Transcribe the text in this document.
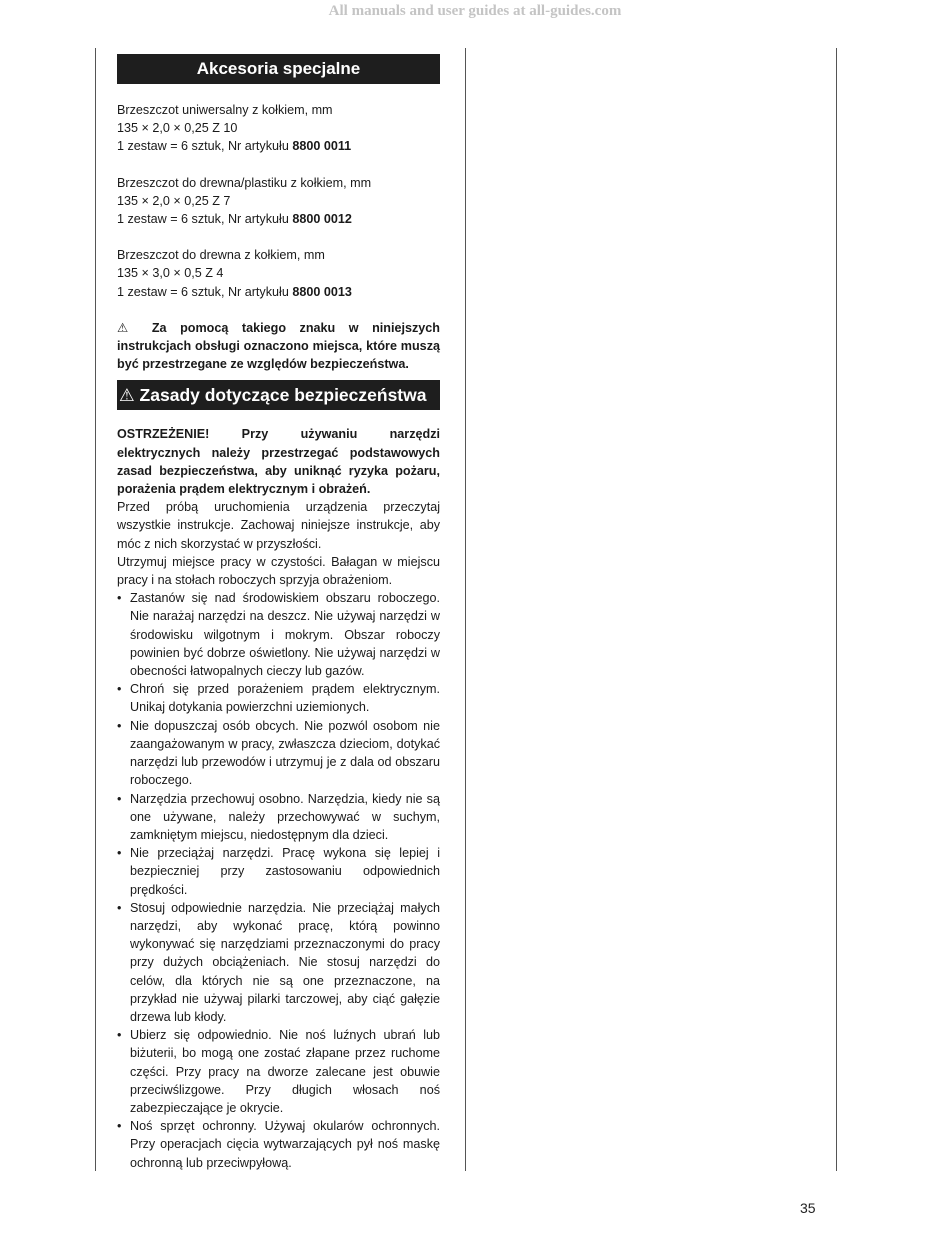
All manuals and user guides at all-guides.com
Akcesoria specjalne

Brzeszczot uniwersalny z kołkiem, mm

135 × 2,0 × 0,25 Z 10

1 zestaw = 6 sztuk, Nr artykułu 8800 0011

Brzeszczot do drewna/plastiku z kołkiem, mm

135 × 2,0 × 0,25 Z 7

1 zestaw = 6 sztuk, Nr artykułu 8800 0012

Brzeszczot do drewna z kołkiem, mm

135 × 3,0 × 0,5 Z 4

1 zestaw = 6 sztuk, Nr artykułu 8800 0013

⚠ Za pomocą takiego znaku w niniejszych instrukcjach obsługi oznaczono miejsca, które muszą być przestrzegane ze względów bezpieczeństwa.

⚠ Zasady dotyczące bezpieczeństwa

OSTRZEŻENIE! Przy używaniu narzędzi elektrycznych należy przestrzegać podstawowych zasad bezpieczeństwa, aby uniknąć ryzyka pożaru, porażenia prądem elektrycznym i obrażeń.

Przed próbą uruchomienia urządzenia przeczytaj wszystkie instrukcje. Zachowaj niniejsze instrukcje, aby móc z nich skorzystać w przyszłości.

Utrzymuj miejsce pracy w czystości. Bałagan w miejscu pracy i na stołach roboczych sprzyja obrażeniom.

• Zastanów się nad środowiskiem obszaru roboczego. Nie narażaj narzędzi na deszcz. Nie używaj narzędzi w środowisku wilgotnym i mokrym. Obszar roboczy powinien być dobrze oświetlony. Nie używaj narzędzi w obecności łatwopalnych cieczy lub gazów.
• Chroń się przed porażeniem prądem elektrycznym. Unikaj dotykania powierzchni uziemionych.
• Nie dopuszczaj osób obcych. Nie pozwól osobom nie zaangażowanym w pracy, zwłaszcza dzieciom, dotykać narzędzi lub przewodów i utrzymuj je z dala od obszaru roboczego.
• Narzędzia przechowuj osobno. Narzędzia, kiedy nie są one używane, należy przechowywać w suchym, zamkniętym miejscu, niedostępnym dla dzieci.
• Nie przeciążaj narzędzi. Pracę wykona się lepiej i bezpieczniej przy zastosowaniu odpowiednich prędkości.
• Stosuj odpowiednie narzędzia. Nie przeciążaj małych narzędzi, aby wykonać pracę, którą powinno wykonywać się narzędziami przeznaczonymi do pracy przy dużych obciążeniach. Nie stosuj narzędzi do celów, dla których nie są one przeznaczone, na przykład nie używaj pilarki tarczowej, aby ciąć gałęzie drzewa lub kłody.
• Ubierz się odpowiednio. Nie noś luźnych ubrań lub biżuterii, bo mogą one zostać złapane przez ruchome części. Przy pracy na dworze zalecane jest obuwie przeciwślizgowe. Przy długich włosach noś zabezpieczające je okrycie.
• Noś sprzęt ochronny. Używaj okularów ochronnych. Przy operacjach cięcia wytwarzających pył noś maskę ochronną lub przeciwpyłową.
35
